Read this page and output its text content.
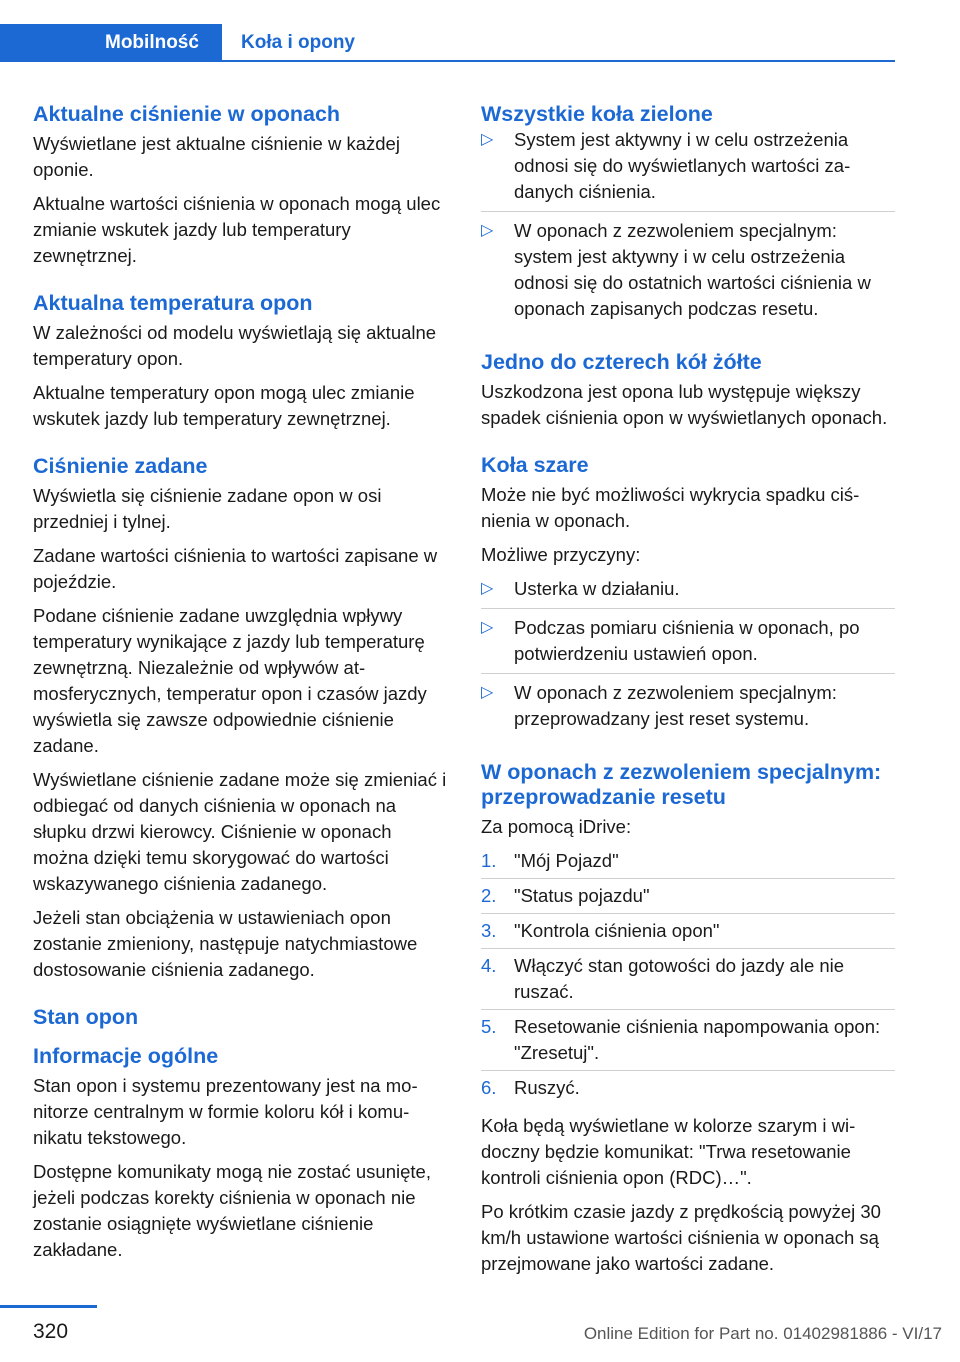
Mobilność	Koła i opony
Aktualne ciśnienie w oponach

Wyświetlane jest aktualne ciśnienie w każdej oponie.

Aktualne wartości ciśnienia w oponach mogą ulec zmianie wskutek jazdy lub temperatury zewnętrznej.

Aktualna temperatura opon

W zależności od modelu wyświetlają się aktualne temperatury opon.

Aktualne temperatury opon mogą ulec zmianie wskutek jazdy lub temperatury zewnętrznej.

Ciśnienie zadane

Wyświetla się ciśnienie zadane opon w osi przedniej i tylnej.

Zadane wartości ciśnienia to wartości zapisane w pojeździe.

Podane ciśnienie zadane uwzględnia wpływy temperatury wynikające z jazdy lub temperaturę zewnętrzną. Niezależnie od wpływów atmosferycznych, temperatur opon i czasów jazdy wyświetla się zawsze odpowiednie ciśnienie zadane.

Wyświetlane ciśnienie zadane może się zmieniać i odbiegać od danych ciśnienia w oponach na słupku drzwi kierowcy. Ciśnienie w oponach można dzięki temu skorygować do wartości wskazywanego ciśnienia zadanego.

Jeżeli stan obciążenia w ustawieniach opon zostanie zmieniony, następuje natychmiastowe dostosowanie ciśnienia zadanego.

Stan opon
Informacje ogólne

Stan opon i systemu prezentowany jest na monitorze centralnym w formie koloru kół i komunikatu tekstowego.

Dostępne komunikaty mogą nie zostać usunięte, jeżeli podczas korekty ciśnienia w oponach nie zostanie osiągnięte wyświetlane ciśnienie zakładane.

Wszystkie koła zielone
▷ System jest aktywny i w celu ostrzeżenia odnosi się do wyświetlanych wartości zadanych ciśnienia.
▷ W oponach z zezwoleniem specjalnym: system jest aktywny i w celu ostrzeżenia odnosi się do ostatnich wartości ciśnienia w oponach zapisanych podczas resetu.
Jedno do czterech kół żółte

Uszkodzona jest opona lub występuje większy spadek ciśnienia opon w wyświetlanych oponach.

Koła szare

Może nie być możliwości wykrycia spadku ciśnienia w oponach.

Możliwe przyczyny:

▷ Usterka w działaniu.
▷ Podczas pomiaru ciśnienia w oponach, po potwierdzeniu ustawień opon.
▷ W oponach z zezwoleniem specjalnym: przeprowadzany jest reset systemu.
W oponach z zezwoleniem specjalnym: przeprowadzanie resetu

Za pomocą iDrive:

1. "Mój Pojazd"
2. "Status pojazdu"
3. "Kontrola ciśnienia opon"
4. Włączyć stan gotowości do jazdy ale nie ruszać.
5. Resetowanie ciśnienia napompowania opon: "Zresetuj".
6. Ruszyć.

Koła będą wyświetlane w kolorze szarym i widoczny będzie komunikat: "Trwa resetowanie kontroli ciśnienia opon (RDC)…".

Po krótkim czasie jazdy z prędkością powyżej 30 km/h ustawione wartości ciśnienia w oponach są przejmowane jako wartości zadane.

320	Online Edition for Part no. 01402981886 - VI/17
